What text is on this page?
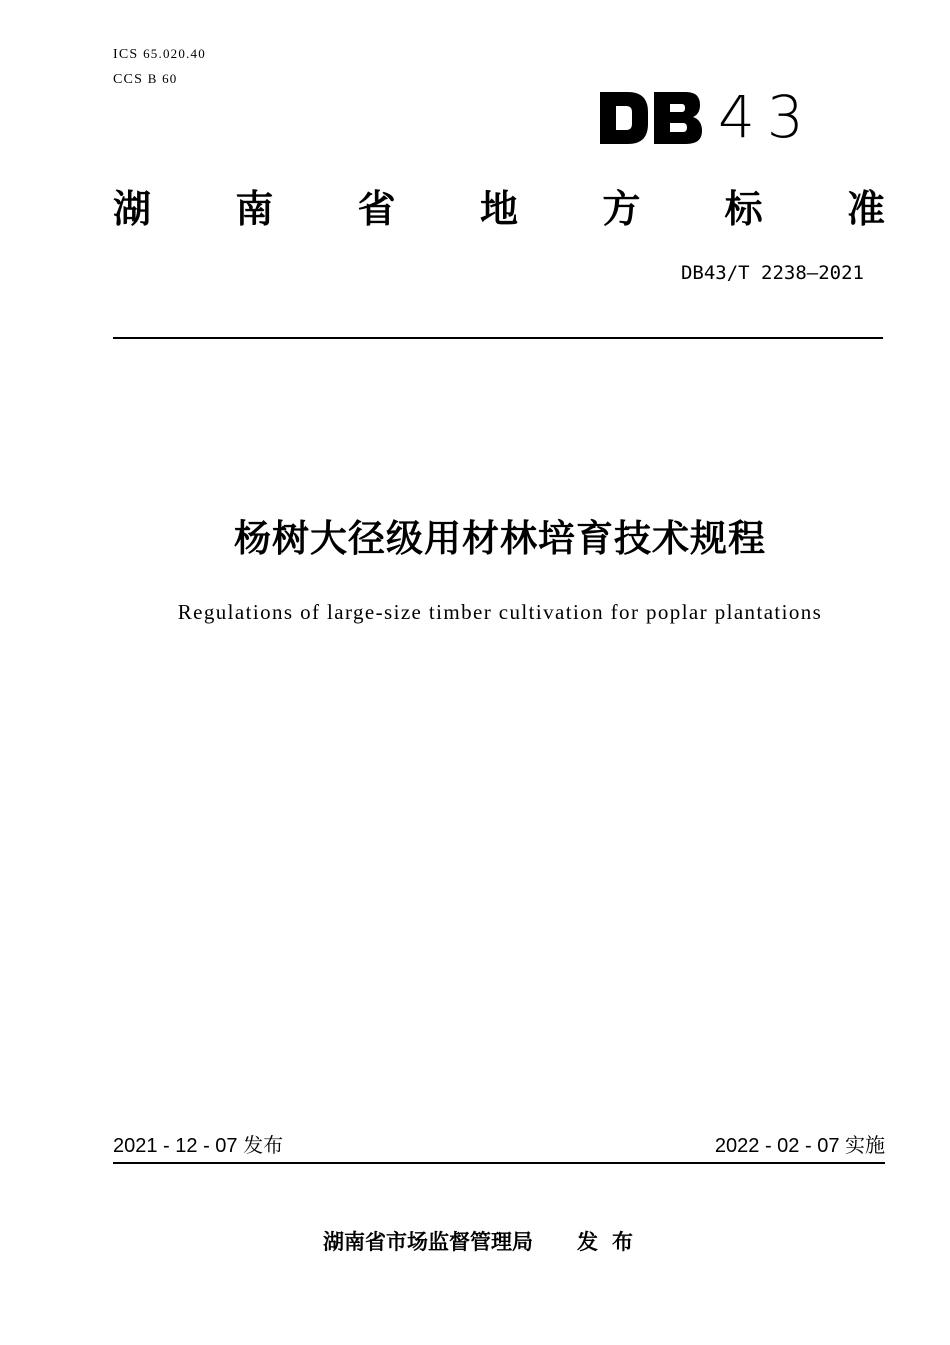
ICS 65.020.40
CCS B 60
43
湖 南 省 地 方 标 准
DB43/T 2238—2021
杨树大径级用材林培育技术规程
Regulations of large-size timber cultivation for poplar plantations
2021 - 12 - 07 发布	2022 - 02 - 07 实施
湖南省市场监督管理局 发布
